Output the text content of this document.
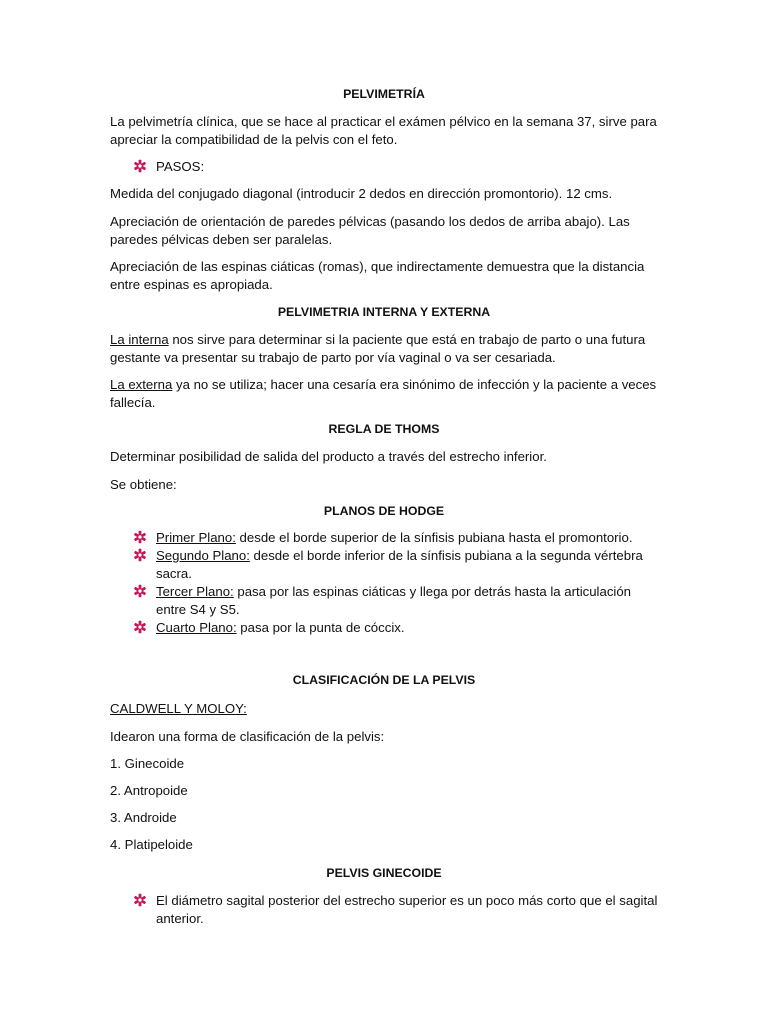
PELVIMETRÍA
La pelvimetría clínica, que se hace al practicar el exámen pélvico en la semana 37, sirve para apreciar la compatibilidad de la pelvis con el feto.
PASOS:
Medida del conjugado diagonal (introducir 2 dedos en dirección promontorio). 12 cms.
Apreciación de orientación de paredes pélvicas (pasando los dedos de arriba abajo). Las paredes pélvicas deben ser paralelas.
Apreciación de las espinas ciáticas (romas), que indirectamente demuestra que la distancia entre espinas es apropiada.
PELVIMETRIA INTERNA Y EXTERNA
La interna nos sirve para determinar si la paciente que está en trabajo de parto o una futura gestante va presentar su trabajo de parto por vía vaginal o va ser cesariada.
La externa ya no se utiliza; hacer una cesaría era sinónimo de infección y la paciente a veces fallecía.
REGLA DE THOMS
Determinar posibilidad de salida del producto a través del estrecho inferior.
Se obtiene:
PLANOS DE HODGE
Primer Plano: desde el borde superior de la sínfisis pubiana hasta el promontorio.
Segundo Plano: desde el borde inferior de la sínfisis pubiana a la segunda vértebra sacra.
Tercer Plano: pasa por las espinas ciáticas y llega por detrás hasta la articulación entre S4 y S5.
Cuarto Plano: pasa por la punta de cóccix.
CLASIFICACIÓN DE LA PELVIS
CALDWELL Y MOLOY:
Idearon una forma de clasificación de la pelvis:
1. Ginecoide
2. Antropoide
3. Androide
4. Platipeloide
PELVIS GINECOIDE
El diámetro sagital posterior del estrecho superior es un poco más corto que el sagital anterior.
